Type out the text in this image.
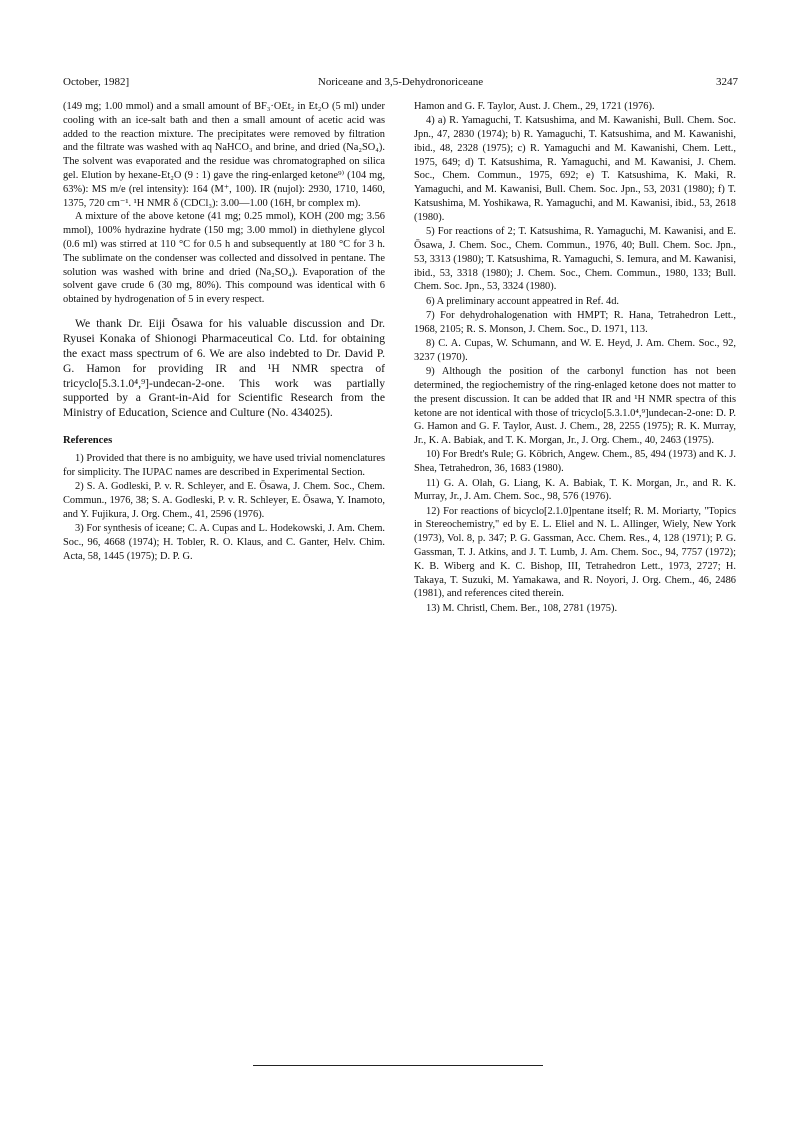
October, 1982]	Noriceane and 3,5-Dehydronoriceane	3247

(149 mg; 1.00 mmol) and a small amount of BF₃·OEt₂ in Et₂O (5 ml) under cooling with an ice-salt bath and then a small amount of acetic acid was added to the reaction mixture. The precipitates were removed by filtration and the filtrate was washed with aq NaHCO₃ and brine, and dried (Na₂SO₄). The solvent was evaporated and the residue was chromatographed on silica gel. Elution by hexane-Et₂O (9 : 1) gave the ring-enlarged ketone⁹⁾ (104 mg, 63%): MS m/e (rel intensity): 164 (M⁺, 100). IR (nujol): 2930, 1710, 1460, 1375, 720 cm⁻¹. ¹H NMR δ (CDCl₃): 3.00—1.00 (16H, br complex m).

A mixture of the above ketone (41 mg; 0.25 mmol), KOH (200 mg; 3.56 mmol), 100% hydrazine hydrate (150 mg; 3.00 mmol) in diethylene glycol (0.6 ml) was stirred at 110 °C for 0.5 h and subsequently at 180 °C for 3 h. The sublimate on the condenser was collected and dissolved in pentane. The solution was washed with brine and dried (Na₂SO₄). Evaporation of the solvent gave crude 6 (30 mg, 80%). This compound was identical with 6 obtained by hydrogenation of 5 in every respect.

We thank Dr. Eiji Ōsawa for his valuable discussion and Dr. Ryusei Konaka of Shionogi Pharmaceutical Co. Ltd. for obtaining the exact mass spectrum of 6. We are also indebted to Dr. David P. G. Hamon for providing IR and ¹H NMR spectra of tricyclo[5.3.1.0⁴,⁹]-undecan-2-one. This work was partially supported by a Grant-in-Aid for Scientific Research from the Ministry of Education, Science and Culture (No. 434025).

References

1) Provided that there is no ambiguity, we have used trivial nomenclatures for simplicity. The IUPAC names are described in Experimental Section.

2) S. A. Godleski, P. v. R. Schleyer, and E. Ōsawa, J. Chem. Soc., Chem. Commun., 1976, 38; S. A. Godleski, P. v. R. Schleyer, E. Ōsawa, Y. Inamoto, and Y. Fujikura, J. Org. Chem., 41, 2596 (1976).

3) For synthesis of iceane; C. A. Cupas and L. Hodekowski, J. Am. Chem. Soc., 96, 4668 (1974); H. Tobler, R. O. Klaus, and C. Ganter, Helv. Chim. Acta, 58, 1445 (1975); D. P. G.

Hamon and G. F. Taylor, Aust. J. Chem., 29, 1721 (1976).

4) a) R. Yamaguchi, T. Katsushima, and M. Kawanishi, Bull. Chem. Soc. Jpn., 47, 2830 (1974); b) R. Yamaguchi, T. Katsushima, and M. Kawanishi, ibid., 48, 2328 (1975); c) R. Yamaguchi and M. Kawanishi, Chem. Lett., 1975, 649; d) T. Katsushima, R. Yamaguchi, and M. Kawanisi, J. Chem. Soc., Chem. Commun., 1975, 692; e) T. Katsushima, K. Maki, R. Yamaguchi, and M. Kawanisi, Bull. Chem. Soc. Jpn., 53, 2031 (1980); f) T. Katsushima, M. Yoshikawa, R. Yamaguchi, and M. Kawanisi, ibid., 53, 2618 (1980).

5) For reactions of 2; T. Katsushima, R. Yamaguchi, M. Kawanisi, and E. Ōsawa, J. Chem. Soc., Chem. Commun., 1976, 40; Bull. Chem. Soc. Jpn., 53, 3313 (1980); T. Katsushima, R. Yamaguchi, S. Iemura, and M. Kawanisi, ibid., 53, 3318 (1980); J. Chem. Soc., Chem. Commun., 1980, 133; Bull. Chem. Soc. Jpn., 53, 3324 (1980).

6) A preliminary account appeatred in Ref. 4d.

7) For dehydrohalogenation with HMPT; R. Hana, Tetrahedron Lett., 1968, 2105; R. S. Monson, J. Chem. Soc., D. 1971, 113.

8) C. A. Cupas, W. Schumann, and W. E. Heyd, J. Am. Chem. Soc., 92, 3237 (1970).

9) Although the position of the carbonyl function has not been determined, the regiochemistry of the ring-enlaged ketone does not matter to the present discussion. It can be added that IR and ¹H NMR spectra of this ketone are not identical with those of tricyclo[5.3.1.0⁴,⁹]undecan-2-one: D. P. G. Hamon and G. F. Taylor, Aust. J. Chem., 28, 2255 (1975); R. K. Murray, Jr., K. A. Babiak, and T. K. Morgan, Jr., J. Org. Chem., 40, 2463 (1975).

10) For Bredt's Rule; G. Köbrich, Angew. Chem., 85, 494 (1973) and K. J. Shea, Tetrahedron, 36, 1683 (1980).

11) G. A. Olah, G. Liang, K. A. Babiak, T. K. Morgan, Jr., and R. K. Murray, Jr., J. Am. Chem. Soc., 98, 576 (1976).

12) For reactions of bicyclo[2.1.0]pentane itself; R. M. Moriarty, "Topics in Stereochemistry," ed by E. L. Eliel and N. L. Allinger, Wiely, New York (1973), Vol. 8, p. 347; P. G. Gassman, Acc. Chem. Res., 4, 128 (1971); P. G. Gassman, T. J. Atkins, and J. T. Lumb, J. Am. Chem. Soc., 94, 7757 (1972); K. B. Wiberg and K. C. Bishop, III, Tetrahedron Lett., 1973, 2727; H. Takaya, T. Suzuki, M. Yamakawa, and R. Noyori, J. Org. Chem., 46, 2486 (1981), and references cited therein.

13) M. Christl, Chem. Ber., 108, 2781 (1975).
